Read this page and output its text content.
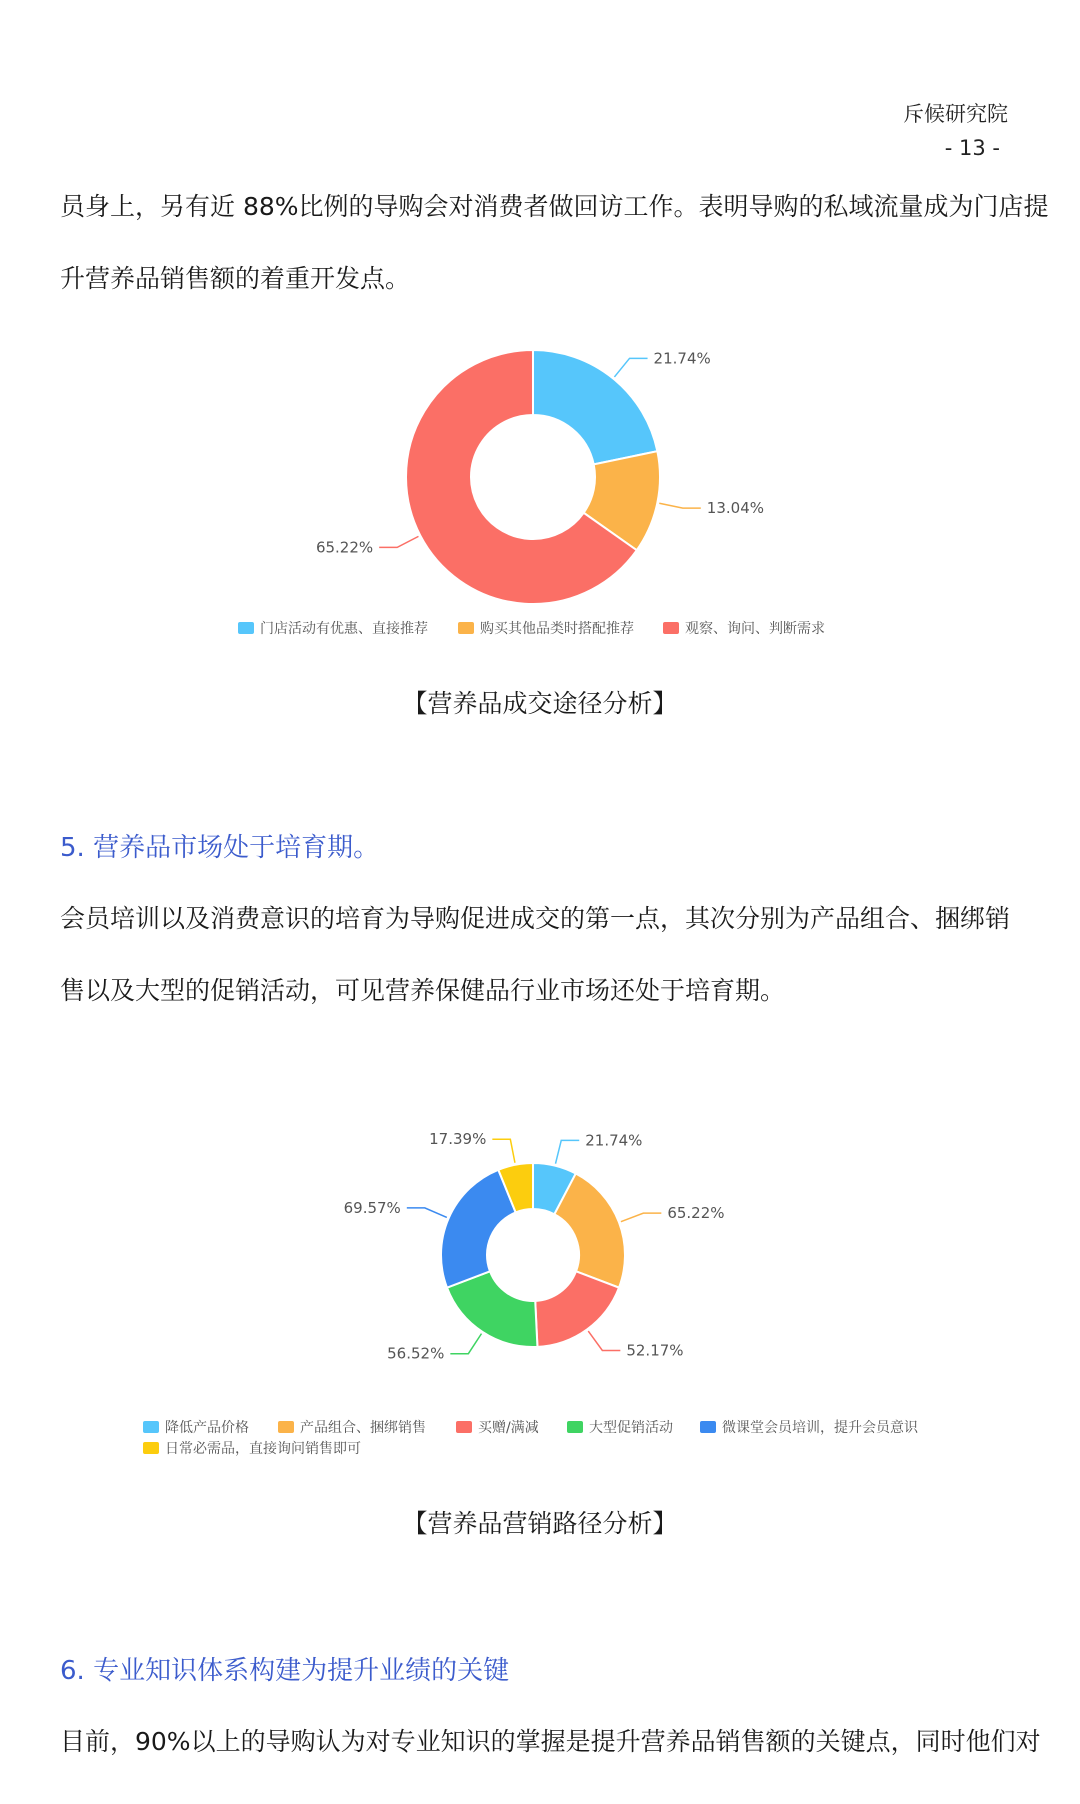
斥候研究院
- 13 -
员身上，另有近 88%比例的导购会对消费者做回访工作。表明导购的私域流量成为门店提
升营养品销售额的着重开发点。
21.74%
13.04%
65.22%
门店活动有优惠、直接推荐	购买其他品类时搭配推荐	观察、询问、判断需求
【营养品成交途径分析】
5. 营养品市场处于培育期。
会员培训以及消费意识的培育为导购促进成交的第一点，其次分别为产品组合、捆绑销
售以及大型的促销活动，可见营养保健品行业市场还处于培育期。
21.74%
65.22%
52.17%
56.52%
69.57%
17.39%
降低产品价格	产品组合、捆绑销售	买赠/满减	大型促销活动	微课堂会员培训，提升会员意识
日常必需品，直接询问销售即可
【营养品营销路径分析】
6. 专业知识体系构建为提升业绩的关键
目前，90%以上的导购认为对专业知识的掌握是提升营养品销售额的关键点，同时他们对
